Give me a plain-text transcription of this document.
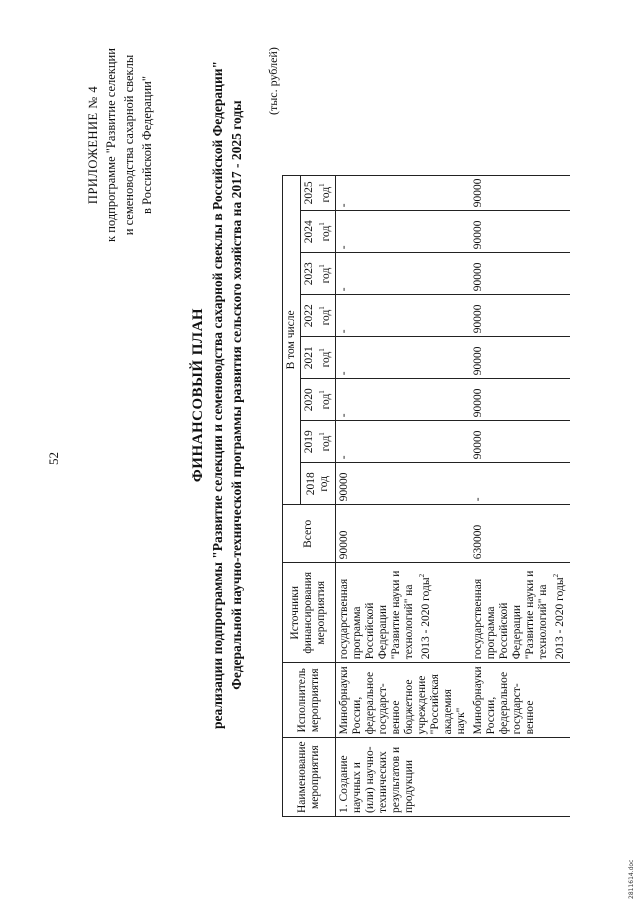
52
ПРИЛОЖЕНИЕ № 4 к подпрограмме "Развитие селекции и семеноводства сахарной свеклы в Российской Федерации"
ФИНАНСОВЫЙ ПЛАН реализации подпрограммы "Развитие селекции и семеноводства сахарной свеклы в Российской Федерации" Федеральной научно-технической программы развития сельского хозяйства на 2017 - 2025 годы
(тыс. рублей)
Наименование мероприятия	Исполнитель мероприятия	Источники финансирования мероприятия	Всего	В том числе							
				2018 год	2019 год$^1$	2020 год$^1$	2021 год$^1$	2022 год$^1$	2023 год$^1$	2024 год$^1$	2025 год$^1$
1. Создание научных и (или) научно-технических результатов и продукции	Минобрнауки России, федеральное государст-венное бюджетное учреждение "Российская академия наук"	государственная программа Российской Федерации "Развитие науки и технологий" на 2013 - 2020 годы$^2$	90000	90000	-	-	-	-	-	-	-
	Минобрнауки России, федеральное государст-венное	государственная программа Российской Федерации "Развитие науки и технологий" на 2013 - 2020 годы$^2$	630000	-	90000	90000	90000	90000	90000	90000	90000
2811614.doc
